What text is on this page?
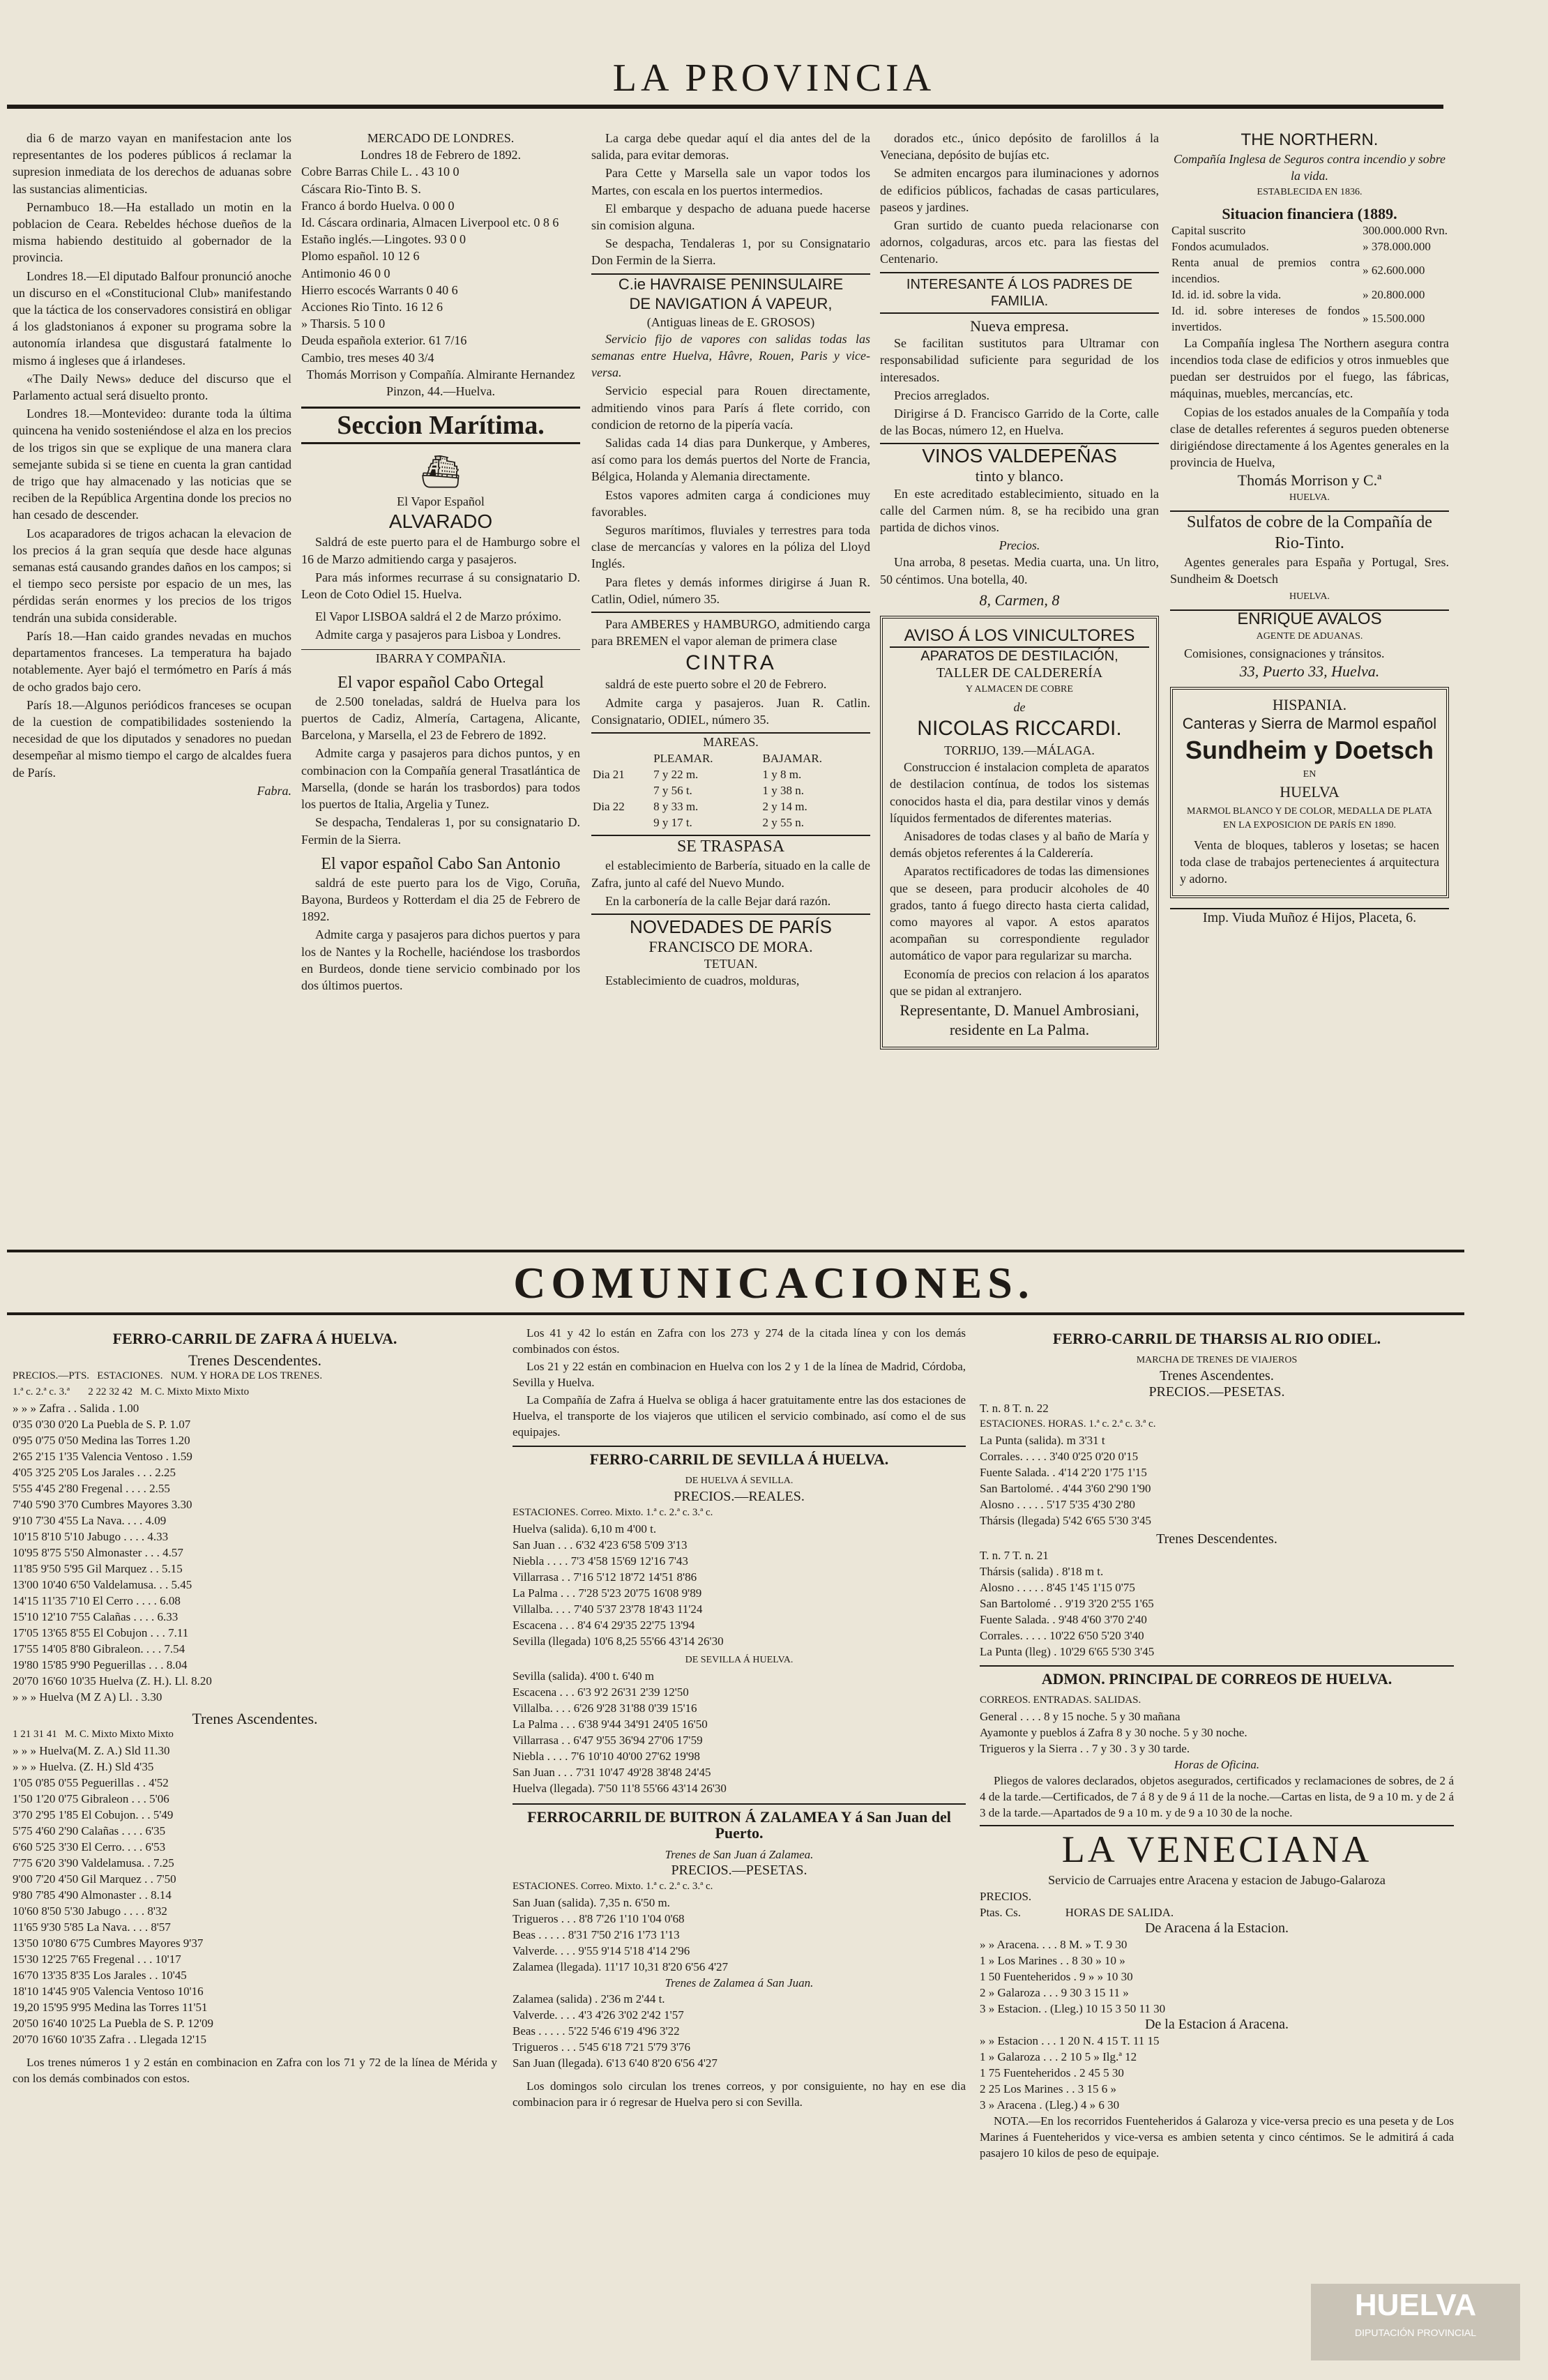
LA PROVINCIA

dia 6 de marzo vayan en manifestacion ante los representantes de los poderes públicos á reclamar la supresion inmediata de los derechos de aduanas sobre las sustancias alimenticias.

Pernambuco 18.—Ha estallado un motin en la poblacion de Ceara. Rebeldes héchose dueños de la misma habiendo destituido al gobernador de la provincia.

Londres 18.—El diputado Balfour pronunció anoche un discurso en el «Constitucional Club» manifestando que la táctica de los conservadores consistirá en obligar á los gladstonianos á exponer su programa sobre la autonomía irlandesa que disgustará fatalmente lo mismo á ingleses que á irlandeses.

«The Daily News» deduce del discurso que el Parlamento actual será disuelto pronto.

Londres 18.—Montevideo: durante toda la última quincena ha venido sosteniéndose el alza en los precios de los trigos sin que se explique de una manera clara semejante subida si se tiene en cuenta la gran cantidad de trigo que hay almacenado y las noticias que se reciben de la República Argentina donde los precios no han cesado de descender.

Los acaparadores de trigos achacan la elevacion de los precios á la gran sequía que desde hace algunas semanas está causando grandes daños en los campos; si el tiempo seco persiste por espacio de un mes, las pérdidas serán enormes y los precios de los trigos tendrán una subida considerable.

París 18.—Han caido grandes nevadas en muchos departamentos franceses. La temperatura ha bajado notablemente. Ayer bajó el termómetro en París á más de ocho grados bajo cero.

París 18.—Algunos periódicos franceses se ocupan de la cuestion de compatibilidades sosteniendo la necesidad de que los diputados y senadores no puedan desempeñar al mismo tiempo el cargo de alcaldes fuera de París.

Fabra.
MERCADO DE LONDRES.
Londres 18 de Febrero de 1892.
Cobre Barras Chile L. . 43 10 0
Cáscara Rio-Tinto B. S.
Franco á bordo Huelva. 0 00 0
Id. Cáscara ordinaria, Almacen Liverpool etc. 0 8 6
Estaño inglés.—Lingotes. 93 0 0
Plomo español. 10 12 6
Antimonio 46 0 0
Hierro escocés Warrants 0 40 6
Acciones Rio Tinto. 16 12 6
» Tharsis. 5 10 0
Deuda española exterior. 61 7/16
Cambio, tres meses 40 3/4
Thomás Morrison y Compañía. Almirante Hernandez Pinzon, 44.—Huelva.
Seccion Marítima.
⛴
El Vapor Español
ALVARADO

Saldrá de este puerto para el de Hamburgo sobre el 16 de Marzo admitiendo carga y pasajeros.

Para más informes recurrase á su consignatario D. Leon de Coto Odiel 15. Huelva.

El Vapor LISBOA saldrá el 2 de Marzo próximo.

Admite carga y pasajeros para Lisboa y Londres.

IBARRA Y COMPAÑIA.
El vapor español Cabo Ortegal

de 2.500 toneladas, saldrá de Huelva para los puertos de Cadiz, Almería, Cartagena, Alicante, Barcelona, y Marsella, el 23 de Febrero de 1892.

Admite carga y pasajeros para dichos puntos, y en combinacion con la Compañía general Trasatlántica de Marsella, (donde se harán los trasbordos) para todos los puertos de Italia, Argelia y Tunez.

Se despacha, Tendaleras 1, por su consignatario D. Fermin de la Sierra.

El vapor español Cabo San Antonio

saldrá de este puerto para los de Vigo, Coruña, Bayona, Burdeos y Rotterdam el dia 25 de Febrero de 1892.

Admite carga y pasajeros para dichos puertos y para los de Nantes y la Rochelle, haciéndose los trasbordos en Burdeos, donde tiene servicio combinado por los dos últimos puertos.

La carga debe quedar aquí el dia antes del de la salida, para evitar demoras.

Para Cette y Marsella sale un vapor todos los Martes, con escala en los puertos intermedios.

El embarque y despacho de aduana puede hacerse sin comision alguna.

Se despacha, Tendaleras 1, por su Consignatario Don Fermin de la Sierra.

C.ie HAVRAISE PENINSULAIRE
DE NAVIGATION Á VAPEUR,
(Antiguas lineas de E. GROSOS)

Servicio fijo de vapores con salidas todas las semanas entre Huelva, Hâvre, Rouen, Paris y vice-versa.

Servicio especial para Rouen directamente, admitiendo vinos para París á flete corrido, con condicion de retorno de la pipería vacía.

Salidas cada 14 dias para Dunkerque, y Amberes, así como para los demás puertos del Norte de Francia, Bélgica, Holanda y Alemania directamente.

Estos vapores admiten carga á condiciones muy favorables.

Seguros marítimos, fluviales y terrestres para toda clase de mercancías y valores en la póliza del Lloyd Inglés.

Para fletes y demás informes dirigirse á Juan R. Catlin, Odiel, número 35.

Para AMBERES y HAMBURGO, admitiendo carga para BREMEN el vapor aleman de primera clase

CINTRA

saldrá de este puerto sobre el 20 de Febrero.

Admite carga y pasajeros. Juan R. Catlin. Consignatario, ODIEL, número 35.

MAREAS.
	PLEAMAR.	BAJAMAR.
Dia 21	7 y 22 m.	1 y 8 m.
	7 y 56 t.	1 y 38 n.
Dia 22	8 y 33 m.	2 y 14 m.
	9 y 17 t.	2 y 55 n.
SE TRASPASA

el establecimiento de Barbería, situado en la calle de Zafra, junto al café del Nuevo Mundo.

En la carbonería de la calle Bejar dará razón.

NOVEDADES DE PARÍS
FRANCISCO DE MORA.
TETUAN.

Establecimiento de cuadros, molduras,

dorados etc., único depósito de farolillos á la Veneciana, depósito de bujías etc.

Se admiten encargos para iluminaciones y adornos de edificios públicos, fachadas de casas particulares, paseos y jardines.

Gran surtido de cuanto pueda relacionarse con adornos, colgaduras, arcos etc. para las fiestas del Centenario.

INTERESANTE Á LOS PADRES DE FAMILIA.
Nueva empresa.

Se facilitan sustitutos para Ultramar con responsabilidad suficiente para seguridad de los interesados.

Precios arreglados.

Dirigirse á D. Francisco Garrido de la Corte, calle de las Bocas, número 12, en Huelva.

VINOS VALDEPEÑAS
tinto y blanco.

En este acreditado establecimiento, situado en la calle del Carmen núm. 8, se ha recibido una gran partida de dichos vinos.

Precios.

Una arroba, 8 pesetas. Media cuarta, una. Un litro, 50 céntimos. Una botella, 40.

8, Carmen, 8
AVISO Á LOS VINICULTORES
APARATOS DE DESTILACIÓN,
TALLER DE CALDERERÍA
Y ALMACEN DE COBRE
de
NICOLAS RICCARDI.
TORRIJO, 139.—MÁLAGA.

Construccion é instalacion completa de aparatos de destilacion contínua, de todos los sistemas conocidos hasta el dia, para destilar vinos y demás líquidos fermentados de diferentes materias.

Anisadores de todas clases y al baño de María y demás objetos referentes á la Calderería.

Aparatos rectificadores de todas las dimensiones que se deseen, para producir alcoholes de 40 grados, tanto á fuego directo hasta cierta calidad, como mayores al vapor. A estos aparatos acompañan su correspondiente regulador automático de vapor para regularizar su marcha.

Economía de precios con relacion á los aparatos que se pidan al extranjero.

Representante, D. Manuel Ambrosiani, residente en La Palma.
THE NORTHERN.
Compañía Inglesa de Seguros contra incendio y sobre la vida.
ESTABLECIDA EN 1836.
Situacion financiera (1889.
Capital suscrito	300.000.000 Rvn.
Fondos acumulados.	» 378.000.000
Renta anual de premios contra incendios.	» 62.600.000
Id. id. id. sobre la vida.	» 20.800.000
Id. id. sobre intereses de fondos invertidos.	» 15.500.000

La Compañía inglesa The Northern asegura contra incendios toda clase de edificios y otros inmuebles que puedan ser destruidos por el fuego, las fábricas, máquinas, muebles, mercancías, etc.

Copias de los estados anuales de la Compañía y toda clase de detalles referentes á seguros pueden obtenerse dirigiéndose directamente á los Agentes generales en la provincia de Huelva,

Thomás Morrison y C.ª
HUELVA.
Sulfatos de cobre de la Compañía de Rio-Tinto.

Agentes generales para España y Portugal, Sres. Sundheim & Doetsch

HUELVA.
ENRIQUE AVALOS
AGENTE DE ADUANAS.

Comisiones, consignaciones y tránsitos.

33, Puerto 33, Huelva.
HISPANIA.
Canteras y Sierra de Marmol español
Sundheim y Doetsch
EN
HUELVA
MARMOL BLANCO Y DE COLOR, MEDALLA DE PLATA EN LA EXPOSICION DE PARÍS EN 1890.

Venta de bloques, tableros y losetas; se hacen toda clase de trabajos pertenecientes á arquitectura y adorno.

Imp. Viuda Muñoz é Hijos, Placeta, 6.
COMUNICACIONES.
FERRO-CARRIL DE ZAFRA Á HUELVA.
Trenes Descendentes.
PRECIOS.—PTS. ESTACIONES. NUM. Y HORA DE LOS TRENES.
1.ª c. 2.ª c. 3.ª 2 22 32 42 M. C. Mixto Mixto Mixto
» » » Zafra . . Salida . 1.00
0'35 0'30 0'20 La Puebla de S. P. 1.07
0'95 0'75 0'50 Medina las Torres 1.20
2'65 2'15 1'35 Valencia Ventoso . 1.59
4'05 3'25 2'05 Los Jarales . . . 2.25
5'55 4'45 2'80 Fregenal . . . . 2.55
7'40 5'90 3'70 Cumbres Mayores 3.30
9'10 7'30 4'55 La Nava. . . . 4.09
10'15 8'10 5'10 Jabugo . . . . 4.33
10'95 8'75 5'50 Almonaster . . . 4.57
11'85 9'50 5'95 Gil Marquez . . 5.15
13'00 10'40 6'50 Valdelamusa. . . 5.45
14'15 11'35 7'10 El Cerro . . . . 6.08
15'10 12'10 7'55 Calañas . . . . 6.33
17'05 13'65 8'55 El Cobujon . . . 7.11
17'55 14'05 8'80 Gibraleon. . . . 7.54
19'80 15'85 9'90 Peguerillas . . . 8.04
20'70 16'60 10'35 Huelva (Z. H.). Ll. 8.20
» » » Huelva (M Z A) Ll. . 3.30
Trenes Ascendentes.
1 21 31 41 M. C. Mixto Mixto Mixto
» » » Huelva(M. Z. A.) Sld 11.30
» » » Huelva. (Z. H.) Sld 4'35
1'05 0'85 0'55 Peguerillas . . 4'52
1'50 1'20 0'75 Gibraleon . . . 5'06
3'70 2'95 1'85 El Cobujon. . . 5'49
5'75 4'60 2'90 Calañas . . . . 6'35
6'60 5'25 3'30 El Cerro. . . . 6'53
7'75 6'20 3'90 Valdelamusa. . 7.25
9'00 7'20 4'50 Gil Marquez . . 7'50
9'80 7'85 4'90 Almonaster . . 8.14
10'60 8'50 5'30 Jabugo . . . . 8'32
11'65 9'30 5'85 La Nava. . . . 8'57
13'50 10'80 6'75 Cumbres Mayores 9'37
15'30 12'25 7'65 Fregenal . . . 10'17
16'70 13'35 8'35 Los Jarales . . 10'45
18'10 14'45 9'05 Valencia Ventoso 10'16
19,20 15'95 9'95 Medina las Torres 11'51
20'50 16'40 10'25 La Puebla de S. P. 12'09
20'70 16'60 10'35 Zafra . . Llegada 12'15

Los trenes números 1 y 2 están en combinacion en Zafra con los 71 y 72 de la línea de Mérida y con los demás combinados con estos.

Los 41 y 42 lo están en Zafra con los 273 y 274 de la citada línea y con los demás combinados con éstos.

Los 21 y 22 están en combinacion en Huelva con los 2 y 1 de la línea de Madrid, Córdoba, Sevilla y Huelva.

La Compañía de Zafra á Huelva se obliga á hacer gratuitamente entre las dos estaciones de Huelva, el transporte de los viajeros que utilicen el servicio combinado, así como el de sus equipajes.

FERRO-CARRIL DE SEVILLA Á HUELVA.
DE HUELVA Á SEVILLA.
PRECIOS.—REALES.
ESTACIONES. Correo. Mixto. 1.ª c. 2.ª c. 3.ª c.
Huelva (salida). 6,10 m 4'00 t.
San Juan . . . 6'32 4'23 6'58 5'09 3'13
Niebla . . . . 7'3 4'58 15'69 12'16 7'43
Villarrasa . . 7'16 5'12 18'72 14'51 8'86
La Palma . . . 7'28 5'23 20'75 16'08 9'89
Villalba. . . . 7'40 5'37 23'78 18'43 11'24
Escacena . . . 8'4 6'4 29'35 22'75 13'94
Sevilla (llegada) 10'6 8,25 55'66 43'14 26'30
DE SEVILLA Á HUELVA.
Sevilla (salida). 4'00 t. 6'40 m
Escacena . . . 6'3 9'2 26'31 2'39 12'50
Villalba. . . . 6'26 9'28 31'88 0'39 15'16
La Palma . . . 6'38 9'44 34'91 24'05 16'50
Villarrasa . . 6'47 9'55 36'94 27'06 17'59
Niebla . . . . 7'6 10'10 40'00 27'62 19'98
San Juan . . . 7'31 10'47 49'28 38'48 24'45
Huelva (llegada). 7'50 11'8 55'66 43'14 26'30
FERROCARRIL DE BUITRON Á ZALAMEA Y á San Juan del Puerto.
Trenes de San Juan á Zalamea.
PRECIOS.—PESETAS.
ESTACIONES. Correo. Mixto. 1.ª c. 2.ª c. 3.ª c.
San Juan (salida). 7,35 n. 6'50 m.
Trigueros . . . 8'8 7'26 1'10 1'04 0'68
Beas . . . . . 8'31 7'50 2'16 1'73 1'13
Valverde. . . . 9'55 9'14 5'18 4'14 2'96
Zalamea (llegada). 11'17 10,31 8'20 6'56 4'27
Trenes de Zalamea á San Juan.
Zalamea (salida) . 2'36 m 2'44 t.
Valverde. . . . 4'3 4'26 3'02 2'42 1'57
Beas . . . . . 5'22 5'46 6'19 4'96 3'22
Trigueros . . . 5'45 6'18 7'21 5'79 3'76
San Juan (llegada). 6'13 6'40 8'20 6'56 4'27

Los domingos solo circulan los trenes correos, y por consiguiente, no hay en ese dia combinacion para ir ó regresar de Huelva pero si con Sevilla.

FERRO-CARRIL DE THARSIS AL RIO ODIEL.
MARCHA DE TRENES DE VIAJEROS
Trenes Ascendentes.
PRECIOS.—PESETAS.
T. n. 8 T. n. 22
ESTACIONES. HORAS. 1.ª c. 2.ª c. 3.ª c.
La Punta (salida). m 3'31 t
Corrales. . . . . 3'40 0'25 0'20 0'15
Fuente Salada. . 4'14 2'20 1'75 1'15
San Bartolomé. . 4'44 3'60 2'90 1'90
Alosno . . . . . 5'17 5'35 4'30 2'80
Thársis (llegada) 5'42 6'65 5'30 3'45
Trenes Descendentes.
T. n. 7 T. n. 21
Thársis (salida) . 8'18 m t.
Alosno . . . . . 8'45 1'45 1'15 0'75
San Bartolomé . . 9'19 3'20 2'55 1'65
Fuente Salada. . 9'48 4'60 3'70 2'40
Corrales. . . . . 10'22 6'50 5'20 3'40
La Punta (lleg) . 10'29 6'65 5'30 3'45
ADMON. PRINCIPAL DE CORREOS DE HUELVA.
CORREOS. ENTRADAS. SALIDAS.
General . . . . 8 y 15 noche. 5 y 30 mañana
Ayamonte y pueblos á Zafra 8 y 30 noche. 5 y 30 noche.
Trigueros y la Sierra . . 7 y 30 . 3 y 30 tarde.
Horas de Oficina.

Pliegos de valores declarados, objetos asegurados, certificados y reclamaciones de sobres, de 2 á 4 de la tarde.—Certificados, de 7 á 8 y de 9 á 11 de la noche.—Cartas en lista, de 9 a 10 m. y de 2 á 3 de la tarde.—Apartados de 9 a 10 m. y de 9 a 10 30 de la noche.

LA VENECIANA
Servicio de Carruajes entre Aracena y estacion de Jabugo-Galaroza
PRECIOS.
Ptas. Cs.	HORAS DE SALIDA.
De Aracena á la Estacion.
» » Aracena. . . . 8 M. » T. 9 30
1 » Los Marines . . 8 30 » 10 »
1 50 Fuenteheridos . 9 » » 10 30
2 » Galaroza . . . 9 30 3 15 11 »
3 » Estacion. . (Lleg.) 10 15 3 50 11 30
De la Estacion á Aracena.
» » Estacion . . . 1 20 N. 4 15 T. 11 15
1 » Galaroza . . . 2 10 5 » Ilg.ª 12
1 75 Fuenteheridos . 2 45 5 30
2 25 Los Marines . . 3 15 6 »
3 » Aracena . (Lleg.) 4 » 6 30

NOTA.—En los recorridos Fuenteheridos á Galaroza y vice-versa precio es una peseta y de Los Marines á Fuenteheridos y vice-versa es ambien setenta y cinco céntimos. Se le admitirá á cada pasajero 10 kilos de peso de equipaje.

HUELVA
DIPUTACIÓN PROVINCIAL
